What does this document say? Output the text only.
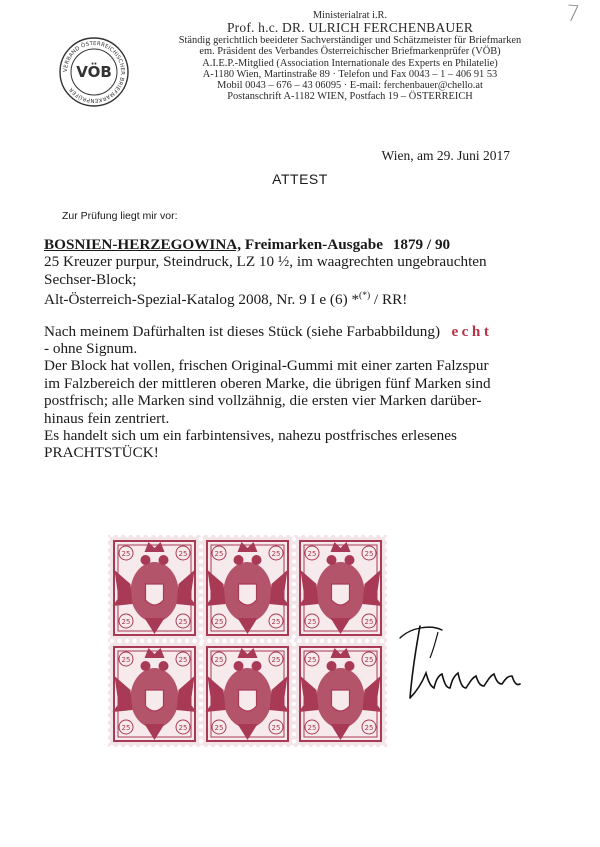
7
VERBAND ÖSTERREICHISCHER BRIEFMARKENPRÜFER
VÖB
Ministerialrat i.R.
Prof. h.c. DR. ULRICH FERCHENBAUER
Ständig gerichtlich beeideter Sachverständiger und Schätzmeister für Briefmarken
em. Präsident des Verbandes Österreichischer Briefmarkenprüfer (VÖB)
A.I.E.P.-Mitglied (Association Internationale des Experts en Philatelie)
A-1180 Wien, Martinstraße 89 · Telefon und Fax 0043 – 1 – 406 91 53
Mobil 0043 – 676 – 43 06095 · E-mail: ferchenbauer@chello.at
Postanschrift A-1182 WIEN, Postfach 19 – ÖSTERREICH
Wien, am 29. Juni 2017
ATTEST
Zur Prüfung liegt mir vor:
BOSNIEN-HERZEGOWINA, Freimarken-Ausgabe 1879 / 90
25 Kreuzer purpur, Steindruck, LZ 10 ½, im waagrechten ungebrauchten
Sechser-Block;
Alt-Österreich-Spezial-Katalog 2008, Nr. 9 I e (6) *(*) / RR!
Nach meinem Dafürhalten ist dieses Stück (siehe Farbabbildung) echt
- ohne Signum.
Der Block hat vollen, frischen Original-Gummi mit einer zarten Falzspur
im Falzbereich der mittleren oberen Marke, die übrigen fünf Marken sind
postfrisch; alle Marken sind vollzähnig, die ersten vier Marken darüber-
hinaus fein zentriert.
Es handelt sich um ein farbintensives, nahezu postfrisches erlesenes
PRACHTSTÜCK!
25	25
25	25
25	25
25	25
25	25
25	25
25	25
25	25
25	25
25	25
25	25
25	25
